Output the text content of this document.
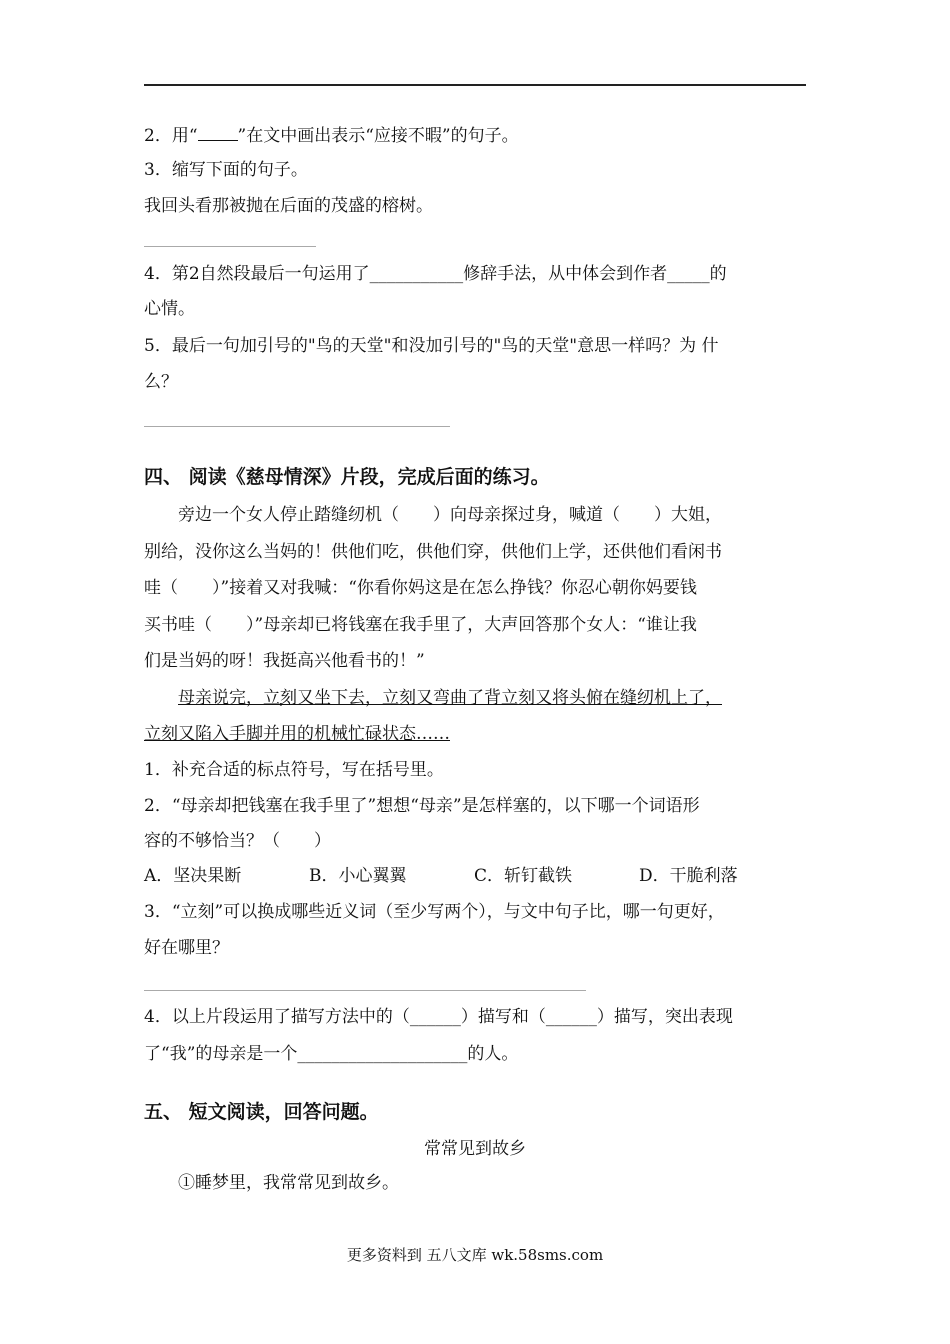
2．用“ ”在文中画出表示“应接不暇”的句子。
3．缩写下面的句子。
我回头看那被抛在后面的茂盛的榕树。
4．第2自然段最后一句运用了___________修辞手法，从中体会到作者_____的
心情。
5．最后一句加引号的"鸟的天堂"和没加引号的"鸟的天堂"意思一样吗？为 什
么？
四、 阅读《慈母情深》片段，完成后面的练习。
旁边一个女人停止踏缝纫机（　　）向母亲探过身，喊道（　　）大姐，
别给，没你这么当妈的！供他们吃，供他们穿，供他们上学，还供他们看闲书
哇（　　）”接着又对我喊：“你看你妈这是在怎么挣钱？你忍心朝你妈要钱
买书哇（　　）”母亲却已将钱塞在我手里了，大声回答那个女人：“谁让我
们是当妈的呀！我挺高兴他看书的！”
母亲说完，立刻又坐下去，立刻又弯曲了背立刻又将头俯在缝纫机上了，
立刻又陷入手脚并用的机械忙碌状态……
1．补充合适的标点符号，写在括号里。
2．“母亲却把钱塞在我手里了”想想“母亲”是怎样塞的，以下哪一个词语形
容的不够恰当？（　　）
A．坚决果断	B．小心翼翼	C．斩钉截铁	D．干脆利落
3．“立刻”可以换成哪些近义词（至少写两个），与文中句子比，哪一句更好，
好在哪里？
4．以上片段运用了描写方法中的（______）描写和（______）描写，突出表现
了“我”的母亲是一个____________________的人。
五、 短文阅读，回答问题。
常常见到故乡
①睡梦里，我常常见到故乡。
更多资料到 五八文库 wk.58sms.com
